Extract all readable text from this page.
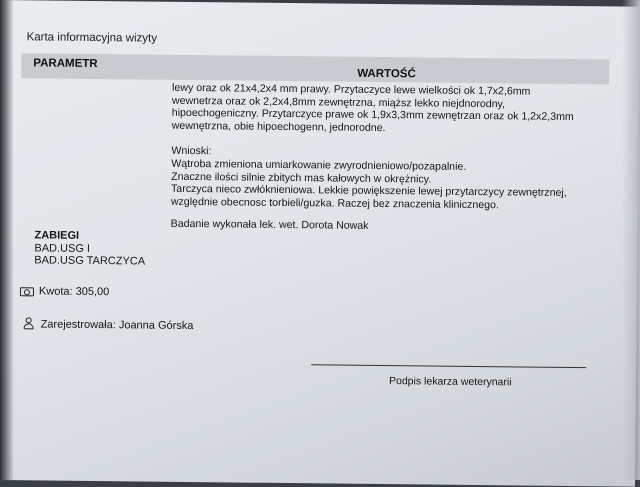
Karta informacyjna wizyty
PARAMETR
WARTOŚĆ
lewy oraz ok 21x4,2x4 mm prawy. Przytaczyce lewe wielkości ok 1,7x2,6mm
wewnetrza oraz ok 2,2x4,8mm zewnętrzna, miąższ lekko niejdnorodny,
hipoechogeniczny. Przytarczyce prawe ok 1,9x3,3mm zewnętrzan oraz ok 1,2x2,3mm
wewnętrzna, obie hipoechogenn, jednorodne.
Wnioski:
Wątroba zmieniona umiarkowanie zwyrodnieniowo/pozapalnie.
Znaczne ilości silnie zbitych mas kałowych w okrężnicy.
Tarczyca nieco zwłóknieniowa. Lekkie powiększenie lewej przytarczycy zewnętrznej,
względnie obecnosc torbieli/guzka. Raczej bez znaczenia klinicznego.
Badanie wykonała lek. wet. Dorota Nowak
ZABIEGI
BAD.USG I
BAD.USG TARCZYCA
Kwota: 305,00
Zarejestrowała: Joanna Górska
Podpis lekarza weterynarii
